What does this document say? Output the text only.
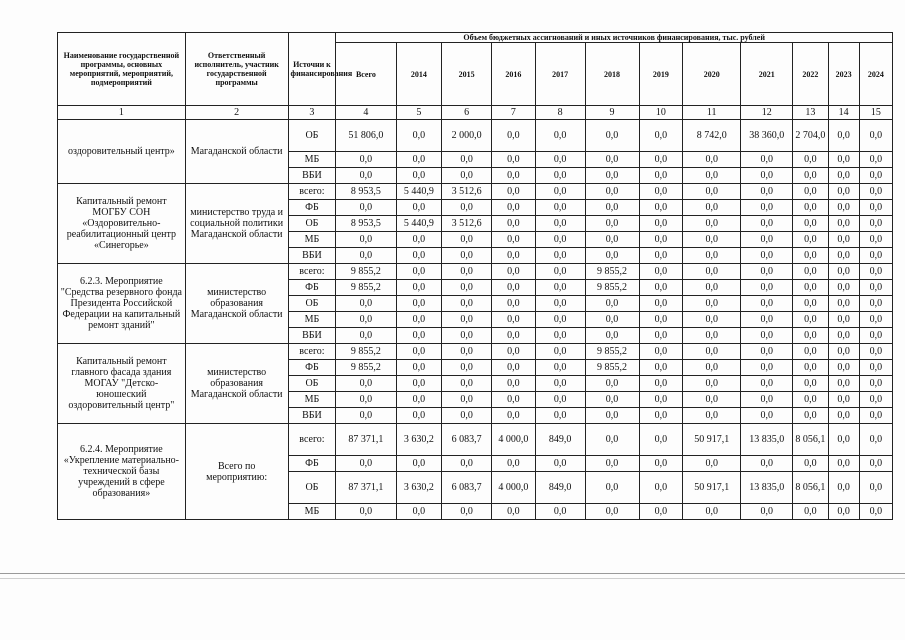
Наименование государственной программы, основных мероприятий, мероприятий, подмероприятий	Ответственный исполнитель, участник государственной программы	Источни к финансирования	Объем бюджетных ассигнований и иных источников финансирования, тыс. рублей											
			Всего	2014	2015	2016	2017	2018	2019	2020	2021	2022	2023	2024
1	2	3	4	5	6	7	8	9	10	11	12	13	14	15
оздоровительный центр»	Магаданской области	ОБ	51 806,0	0,0	2 000,0	0,0	0,0	0,0	0,0	8 742,0	38 360,0	2 704,0	0,0	0,0
		МБ	0,0	0,0	0,0	0,0	0,0	0,0	0,0	0,0	0,0	0,0	0,0	0,0
		ВБИ	0,0	0,0	0,0	0,0	0,0	0,0	0,0	0,0	0,0	0,0	0,0	0,0
Капитальный ремонт МОГБУ СОН «Оздоровительно-реабилитационный центр «Синегорье»	министерство труда и социальной политики Магаданской области	всего:	8 953,5	5 440,9	3 512,6	0,0	0,0	0,0	0,0	0,0	0,0	0,0	0,0	0,0
		ФБ	0,0	0,0	0,0	0,0	0,0	0,0	0,0	0,0	0,0	0,0	0,0	0,0
		ОБ	8 953,5	5 440,9	3 512,6	0,0	0,0	0,0	0,0	0,0	0,0	0,0	0,0	0,0
		МБ	0,0	0,0	0,0	0,0	0,0	0,0	0,0	0,0	0,0	0,0	0,0	0,0
		ВБИ	0,0	0,0	0,0	0,0	0,0	0,0	0,0	0,0	0,0	0,0	0,0	0,0
6.2.3. Мероприятие "Средства резервного фонда Президента Российской Федерации на капитальный ремонт зданий"	министерство образования Магаданской области	всего:	9 855,2	0,0	0,0	0,0	0,0	9 855,2	0,0	0,0	0,0	0,0	0,0	0,0
		ФБ	9 855,2	0,0	0,0	0,0	0,0	9 855,2	0,0	0,0	0,0	0,0	0,0	0,0
		ОБ	0,0	0,0	0,0	0,0	0,0	0,0	0,0	0,0	0,0	0,0	0,0	0,0
		МБ	0,0	0,0	0,0	0,0	0,0	0,0	0,0	0,0	0,0	0,0	0,0	0,0
		ВБИ	0,0	0,0	0,0	0,0	0,0	0,0	0,0	0,0	0,0	0,0	0,0	0,0
Капитальный ремонт главного фасада здания МОГАУ "Детско-юношеский оздоровительный центр"	министерство образования Магаданской области	всего:	9 855,2	0,0	0,0	0,0	0,0	9 855,2	0,0	0,0	0,0	0,0	0,0	0,0
		ФБ	9 855,2	0,0	0,0	0,0	0,0	9 855,2	0,0	0,0	0,0	0,0	0,0	0,0
		ОБ	0,0	0,0	0,0	0,0	0,0	0,0	0,0	0,0	0,0	0,0	0,0	0,0
		МБ	0,0	0,0	0,0	0,0	0,0	0,0	0,0	0,0	0,0	0,0	0,0	0,0
		ВБИ	0,0	0,0	0,0	0,0	0,0	0,0	0,0	0,0	0,0	0,0	0,0	0,0
6.2.4. Мероприятие «Укрепление материально-технической базы учреждений в сфере образования»	Всего по мероприятию:	всего:	87 371,1	3 630,2	6 083,7	4 000,0	849,0	0,0	0,0	50 917,1	13 835,0	8 056,1	0,0	0,0
		ФБ	0,0	0,0	0,0	0,0	0,0	0,0	0,0	0,0	0,0	0,0	0,0	0,0
		ОБ	87 371,1	3 630,2	6 083,7	4 000,0	849,0	0,0	0,0	50 917,1	13 835,0	8 056,1	0,0	0,0
		МБ	0,0	0,0	0,0	0,0	0,0	0,0	0,0	0,0	0,0	0,0	0,0	0,0
